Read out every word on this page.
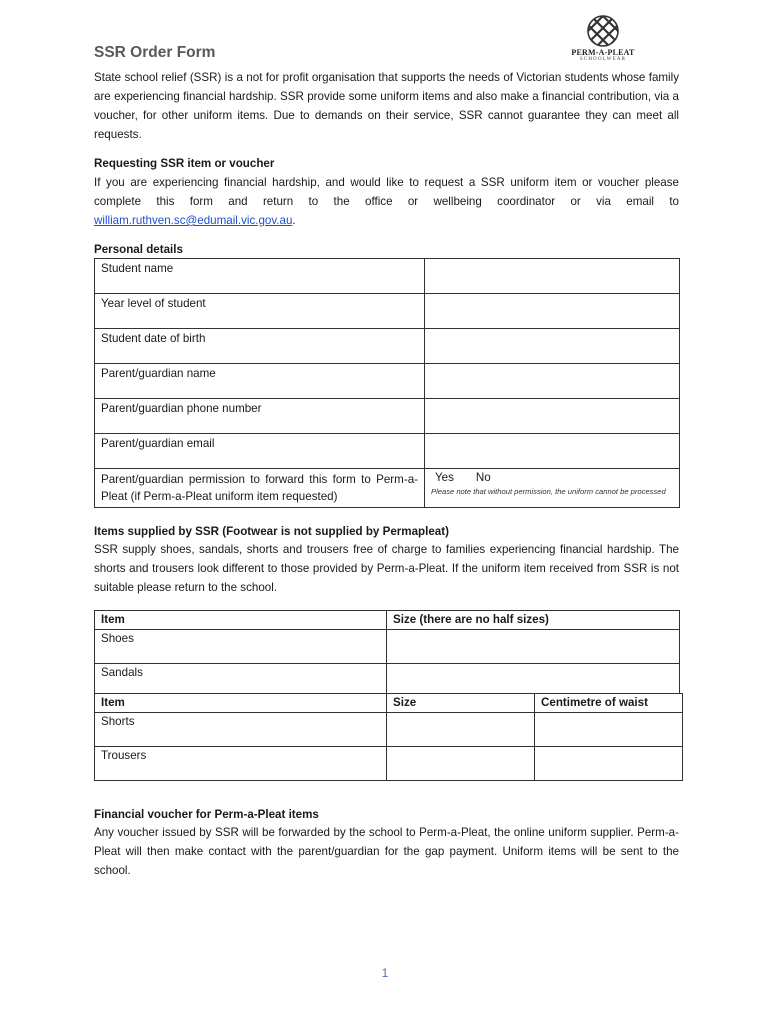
SSR Order Form	PERM-A-PLEAT
SCHOOLWEAR

State school relief (SSR) is a not for profit organisation that supports the needs of Victorian students whose family are experiencing financial hardship. SSR provide some uniform items and also make a financial contribution, via a voucher, for other uniform items. Due to demands on their service, SSR cannot guarantee they can meet all requests.

Requesting SSR item or voucher

If you are experiencing financial hardship, and would like to request a SSR uniform item or voucher please complete this form and return to the office or wellbeing coordinator or via email to william.ruthven.sc@edumail.vic.gov.au.

Personal details

Student name	
Year level of student	
Student date of birth	
Parent/guardian name	
Parent/guardian phone number	
Parent/guardian email	
Parent/guardian permission to forward this form to Perm-a-Pleat (if Perm-a-Pleat uniform item requested)	Yes No
Please note that without permission, the uniform cannot be processed

Items supplied by SSR (Footwear is not supplied by Permapleat)

SSR supply shoes, sandals, shorts and trousers free of charge to families experiencing financial hardship. The shorts and trousers look different to those provided by Perm-a-Pleat. If the uniform item received from SSR is not suitable please return to the school.

Item	Size (there are no half sizes)
Shoes	
Sandals	
Item	Size	Centimetre of waist
Shorts		
Trousers		

Financial voucher for Perm-a-Pleat items

Any voucher issued by SSR will be forwarded by the school to Perm-a-Pleat, the online uniform supplier. Perm-a-Pleat will then make contact with the parent/guardian for the gap payment. Uniform items will be sent to the school.

1
